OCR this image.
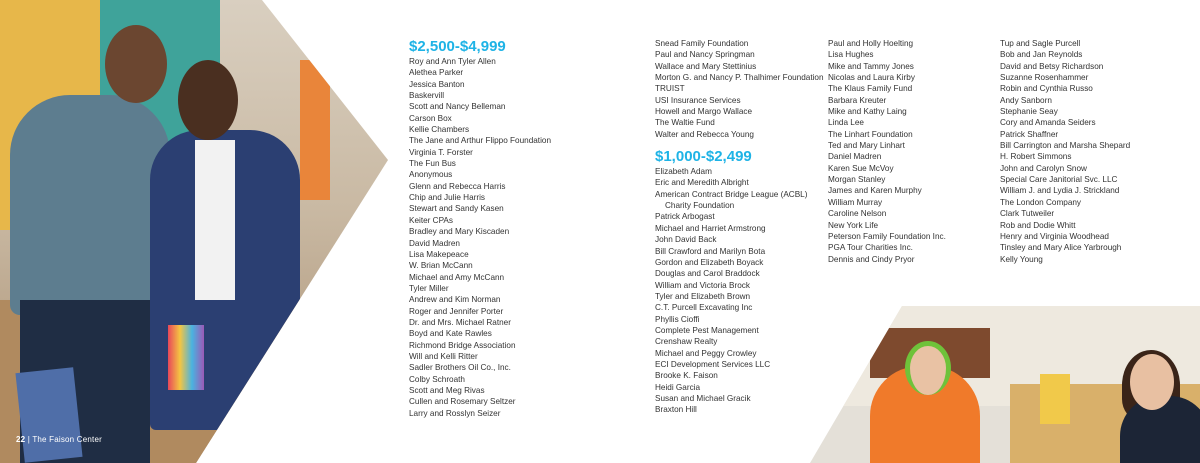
22 | The Faison Center
$2,500-$4,999
Roy and Ann Tyler Allen
Alethea Parker
Jessica Banton
Baskervill
Scott and Nancy Belleman
Carson Box
Kellie Chambers
The Jane and Arthur Flippo Foundation
Virginia T. Forster
The Fun Bus
Anonymous
Glenn and Rebecca Harris
Chip and Julie Harris
Stewart and Sandy Kasen
Keiter CPAs
Bradley and Mary Kiscaden
David Madren
Lisa Makepeace
W. Brian McCann
Michael and Amy McCann
Tyler Miller
Andrew and Kim Norman
Roger and Jennifer Porter
Dr. and Mrs. Michael Ratner
Boyd and Kate Rawles
Richmond Bridge Association
Will and Kelli Ritter
Sadler Brothers Oil Co., Inc.
Colby Schroath
Scott and Meg Rivas
Cullen and Rosemary Seltzer
Larry and Rosslyn Seizer
Snead Family Foundation
Paul and Nancy Springman
Wallace and Mary Stettinius
Morton G. and Nancy P. Thalhimer Foundation
TRUIST
USI Insurance Services
Howell and Margo Wallace
The Waltie Fund
Walter and Rebecca Young
$1,000-$2,499
Elizabeth Adam
Eric and Meredith Albright
American Contract Bridge League (ACBL)
Charity Foundation
Patrick Arbogast
Michael and Harriet Armstrong
John David Back
Bill Crawford and Marilyn Bota
Gordon and Elizabeth Boyack
Douglas and Carol Braddock
William and Victoria Brock
Tyler and Elizabeth Brown
C.T. Purcell Excavating Inc
Phyllis Cioffi
Complete Pest Management
Crenshaw Realty
Michael and Peggy Crowley
ECI Development Services LLC
Brooke K. Faison
Heidi Garcia
Susan and Michael Gracik
Braxton Hill
Paul and Holly Hoelting
Lisa Hughes
Mike and Tammy Jones
Nicolas and Laura Kirby
The Klaus Family Fund
Barbara Kreuter
Mike and Kathy Laing
Linda Lee
The Linhart Foundation
Ted and Mary Linhart
Daniel Madren
Karen Sue McVoy
Morgan Stanley
James and Karen Murphy
William Murray
Caroline Nelson
New York Life
Peterson Family Foundation Inc.
PGA Tour Charities Inc.
Dennis and Cindy Pryor
Tup and Sagle Purcell
Bob and Jan Reynolds
David and Betsy Richardson
Suzanne Rosenhammer
Robin and Cynthia Russo
Andy Sanborn
Stephanie Seay
Cory and Amanda Seiders
Patrick Shaffner
Bill Carrington and Marsha Shepard
H. Robert Simmons
John and Carolyn Snow
Special Care Janitorial Svc. LLC
William J. and Lydia J. Strickland
The London Company
Clark Tutweiler
Rob and Dodie Whitt
Henry and Virginia Woodhead
Tinsley and Mary Alice Yarbrough
Kelly Young
